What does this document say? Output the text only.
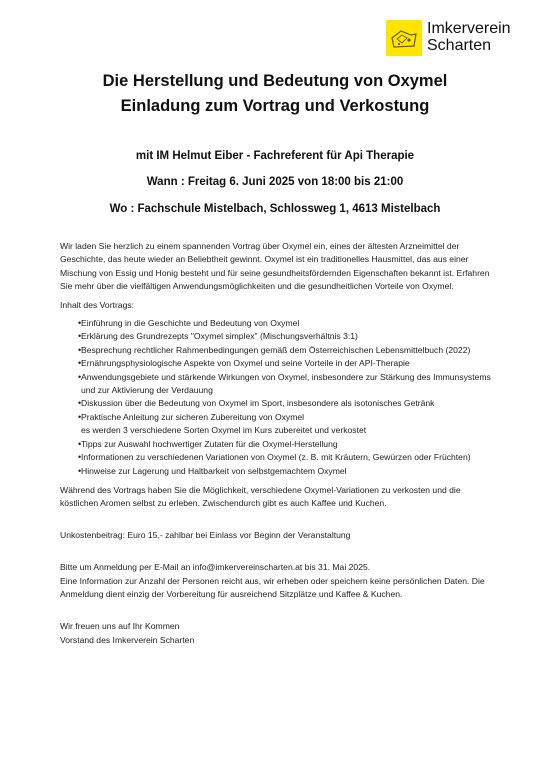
Imkerverein
Scharten
Die Herstellung und Bedeutung von Oxymel
Einladung zum Vortrag und Verkostung
mit IM Helmut Eiber - Fachreferent für Api Therapie
Wann : Freitag 6. Juni 2025 von 18:00 bis 21:00
Wo : Fachschule Mistelbach, Schlossweg 1, 4613 Mistelbach

Wir laden Sie herzlich zu einem spannenden Vortrag über Oxymel ein, eines der ältesten Arzneimittel der Geschichte, das heute wieder an Beliebtheit gewinnt. Oxymel ist ein traditionelles Hausmittel, das aus einer Mischung von Essig und Honig besteht und für seine gesundheitsfördernden Eigenschaften bekannt ist. Erfahren Sie mehr über die vielfältigen Anwendungsmöglichkeiten und die gesundheitlichen Vorteile von Oxymel.

Inhalt des Vortrags:

• Einführung in die Geschichte und Bedeutung von Oxymel
• Erklärung des Grundrezepts "Oxymel simplex" (Mischungsverhältnis 3:1)
• Besprechung rechtlicher Rahmenbedingungen gemäß dem Österreichischen Lebensmittelbuch (2022)
• Ernährungsphysiologische Aspekte von Oxymel und seine Vorteile in der API-Therapie
• Anwendungsgebiete und stärkende Wirkungen von Oxymel, insbesondere zur Stärkung des Immunsystems und zur Aktivierung der Verdauung
• Diskussion über die Bedeutung von Oxymel im Sport, insbesondere als isotonisches Getränk
• Praktische Anleitung zur sicheren Zubereitung von Oxymel
es werden 3 verschiedene Sorten Oxymel im Kurs zubereitet und verkostet
• Tipps zur Auswahl hochwertiger Zutaten für die Oxymel-Herstellung
• Informationen zu verschiedenen Variationen von Oxymel (z. B. mit Kräutern, Gewürzen oder Früchten)
• Hinweise zur Lagerung und Haltbarkeit von selbstgemachtem Oxymel

Während des Vortrags haben Sie die Möglichkeit, verschiedene Oxymel-Variationen zu verkosten und die köstlichen Aromen selbst zu erleben. Zwischendurch gibt es auch Kaffee und Kuchen.

Unkostenbeitrag: Euro 15,- zahlbar bei Einlass vor Beginn der Veranstaltung

Bitte um Anmeldung per E-Mail an info@imkervereinscharten.at bis 31. Mai 2025.

Eine Information zur Anzahl der Personen reicht aus, wir erheben oder speichern keine persönlichen Daten. Die Anmeldung dient einzig der Vorbereitung für ausreichend Sitzplätze und Kaffee & Kuchen.

Wir freuen uns auf Ihr Kommen

Vorstand des Imkerverein Scharten
